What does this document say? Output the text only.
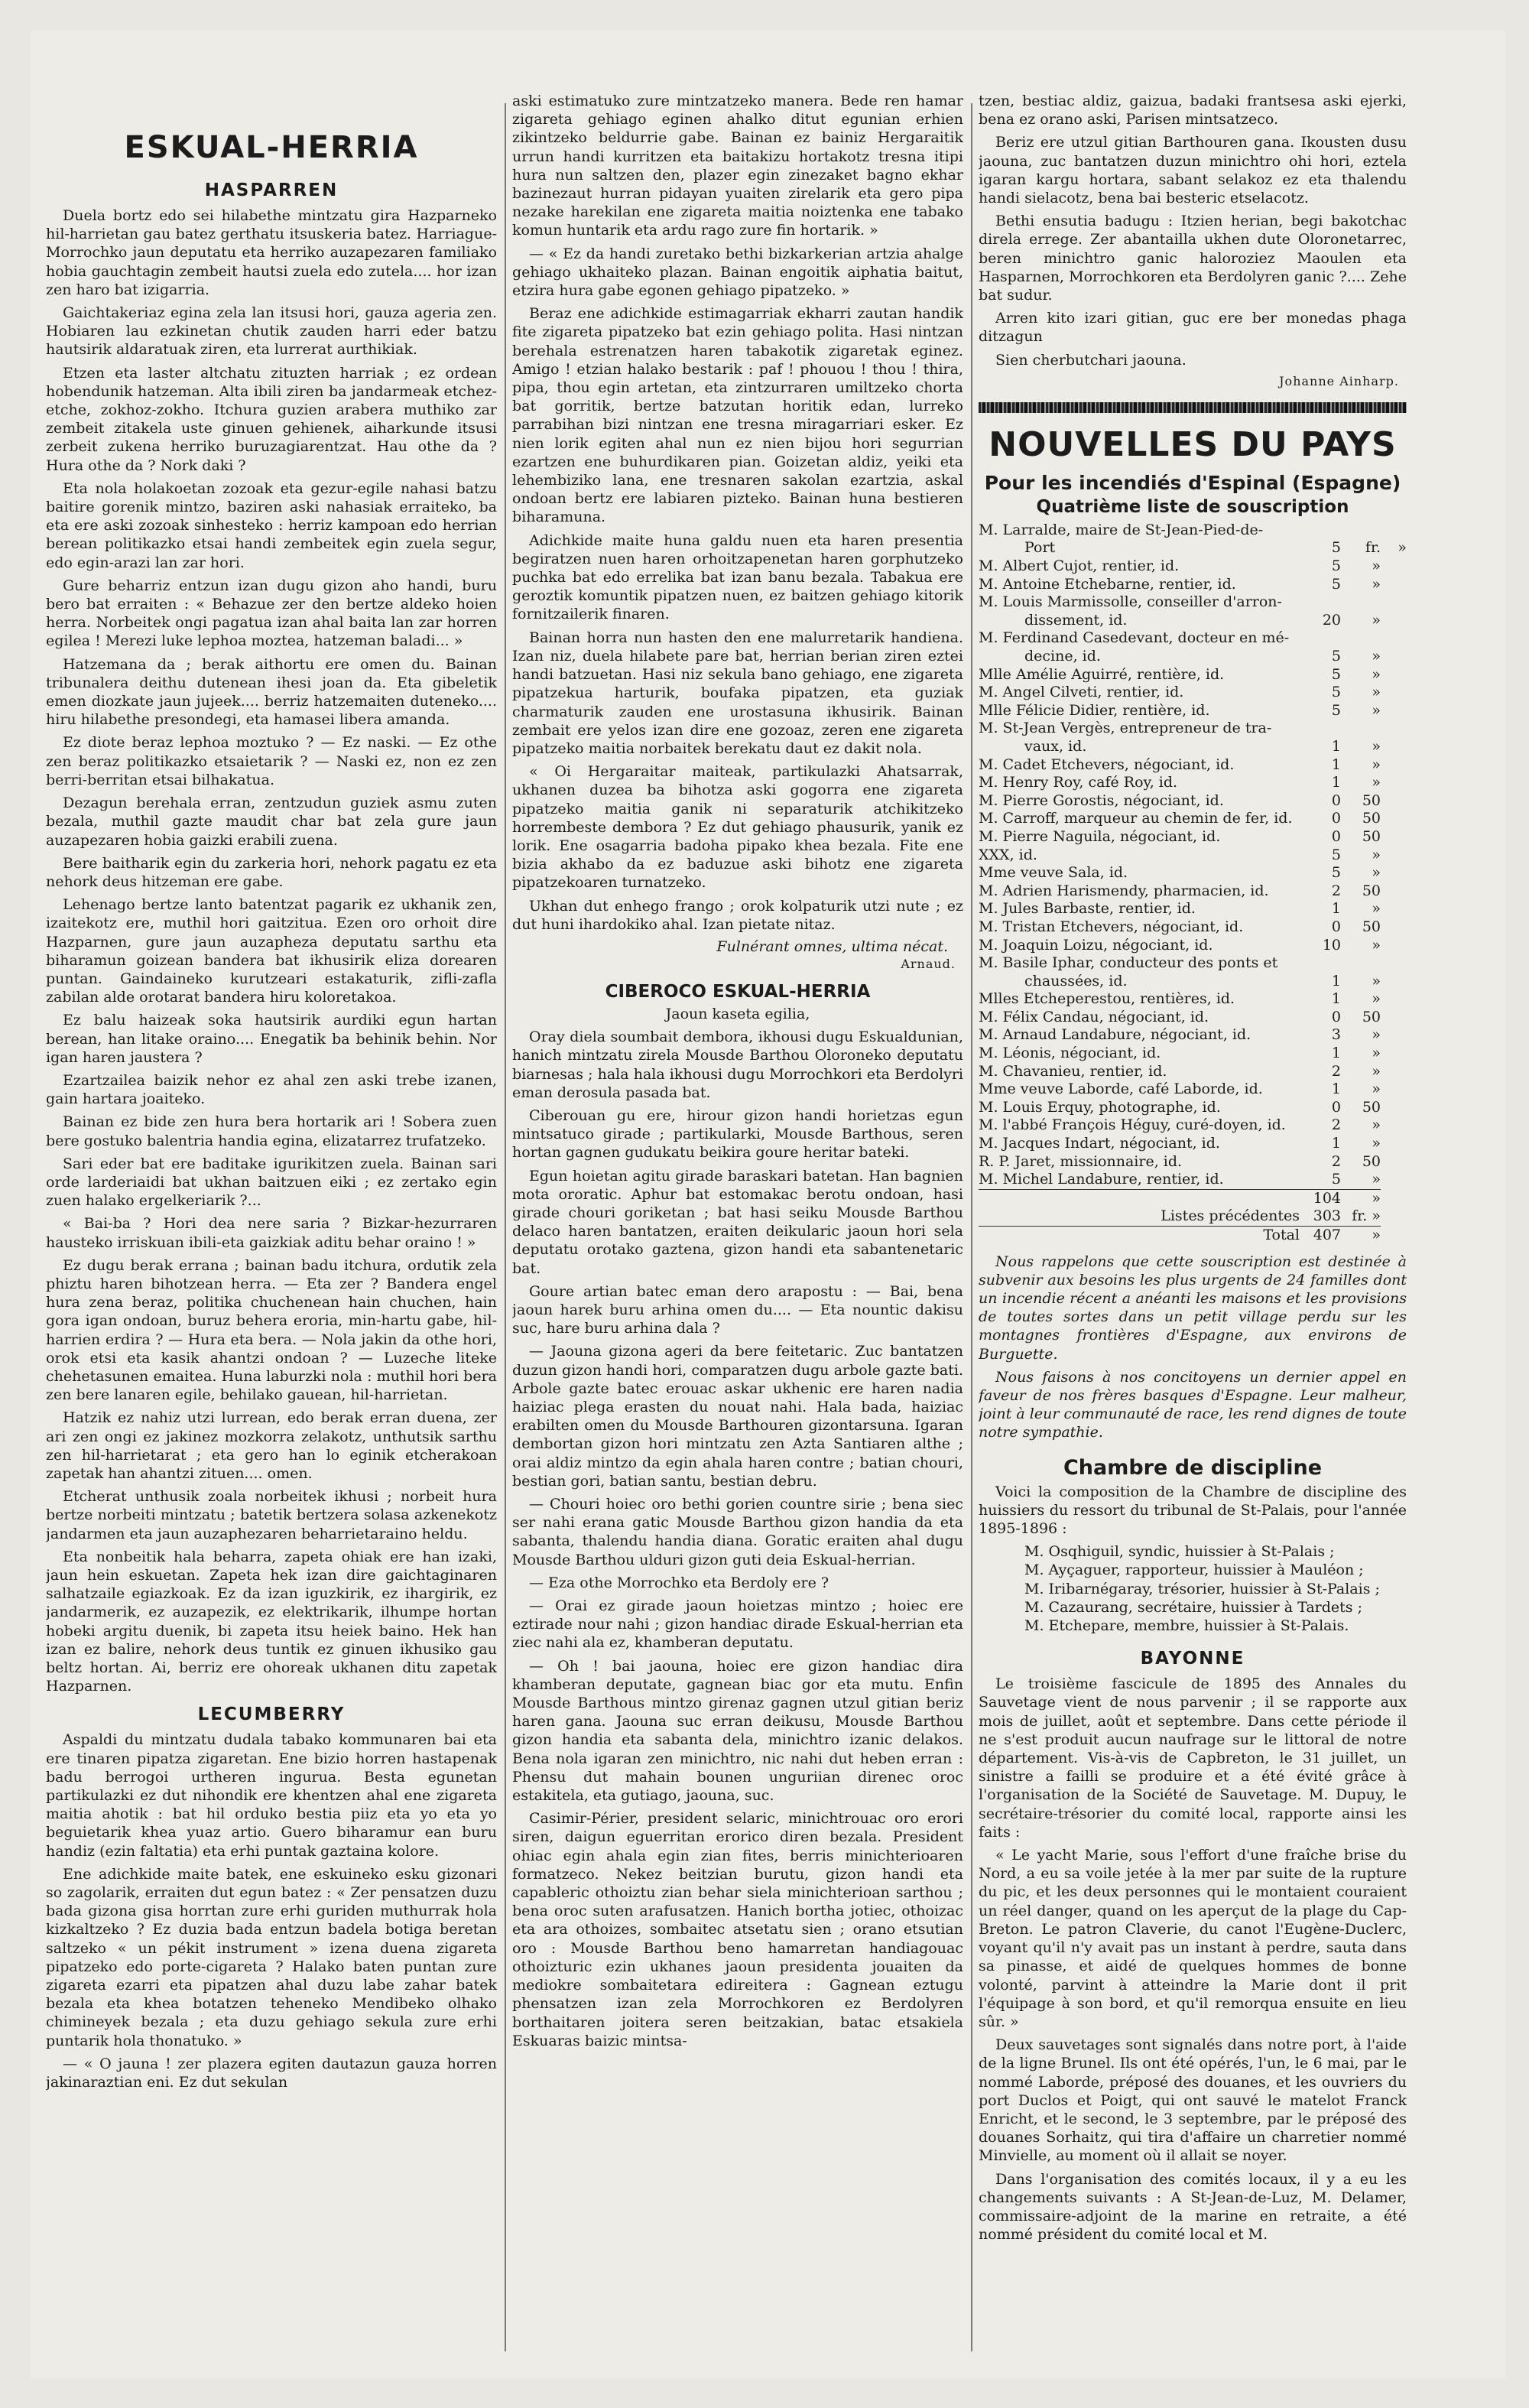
ESKUAL-HERRIA
HASPARREN

Duela bortz edo sei hilabethe mintzatu gira Hazparneko hil-harrietan gau batez gerthatu itsuskeria batez. Harriague-Morrochko jaun deputatu eta herriko auzapezaren familiako hobia gauchtagin zembeit hautsi zuela edo zutela.... hor izan zen haro bat izigarria.

Gaichtakeriaz egina zela lan itsusi hori, gauza ageria zen. Hobiaren lau ezkinetan chutik zauden harri eder batzu hautsirik aldaratuak ziren, eta lurrerat aurthikiak.

Etzen eta laster altchatu zituzten harriak ; ez ordean hobendunik hatzeman. Alta ibili ziren ba jandarmeak etchez-etche, zokhoz-zokho. Itchura guzien arabera muthiko zar zembeit zitakela uste ginuen gehienek, aiharkunde itsusi zerbeit zukena herriko buruzagiarentzat. Hau othe da ? Hura othe da ? Nork daki ?

Eta nola holakoetan zozoak eta gezur-egile nahasi batzu baitire gorenik mintzo, baziren aski nahasiak erraiteko, ba eta ere aski zozoak sinhesteko : herriz kampoan edo herrian berean politikazko etsai handi zembeitek egin zuela segur, edo egin-arazi lan zar hori.

Gure beharriz entzun izan dugu gizon aho handi, buru bero bat erraiten : « Behazue zer den bertze aldeko hoien herra. Norbeitek ongi pagatua izan ahal baita lan zar horren egilea ! Merezi luke lephoa moztea, hatzeman baladi... »

Hatzemana da ; berak aithortu ere omen du. Bainan tribunalera deithu dutenean ihesi joan da. Eta gibeletik emen diozkate jaun jujeek.... berriz hatzemaiten duteneko.... hiru hilabethe presondegi, eta hamasei libera amanda.

Ez diote beraz lephoa moztuko ? — Ez naski. — Ez othe zen beraz politikazko etsaietarik ? — Naski ez, non ez zen berri-berritan etsai bilhakatua.

Dezagun berehala erran, zentzudun guziek asmu zuten bezala, muthil gazte maudit char bat zela gure jaun auzapezaren hobia gaizki erabili zuena.

Bere baitharik egin du zarkeria hori, nehork pagatu ez eta nehork deus hitzeman ere gabe.

Lehenago bertze lanto batentzat pagarik ez ukhanik zen, izaitekotz ere, muthil hori gaitzitua. Ezen oro orhoit dire Hazparnen, gure jaun auzapheza deputatu sarthu eta biharamun goizean bandera bat ikhusirik eliza dorearen puntan. Gaindaineko kurutzeari estakaturik, zifli-zafla zabilan alde orotarat bandera hiru koloretakoa.

Ez balu haizeak soka hautsirik aurdiki egun hartan berean, han litake oraino.... Enegatik ba behinik behin. Nor igan haren jaustera ?

Ezartzailea baizik nehor ez ahal zen aski trebe izanen, gain hartara joaiteko.

Bainan ez bide zen hura bera hortarik ari ! Sobera zuen bere gostuko balentria handia egina, elizatarrez trufatzeko.

Sari eder bat ere baditake igurikitzen zuela. Bainan sari orde larderiaidi bat ukhan baitzuen eiki ; ez zertako egin zuen halako ergelkeriarik ?...

« Bai-ba ? Hori dea nere saria ? Bizkar-hezurraren hausteko irriskuan ibili-eta gaizkiak aditu behar oraino ! »

Ez dugu berak errana ; bainan badu itchura, ordutik zela phiztu haren bihotzean herra. — Eta zer ? Bandera engel hura zena beraz, politika chuchenean hain chuchen, hain gora igan ondoan, buruz behera eroria, min-hartu gabe, hil-harrien erdira ? — Hura eta bera. — Nola jakin da othe hori, orok etsi eta kasik ahantzi ondoan ? — Luzeche liteke chehetasunen emaitea. Huna laburzki nola : muthil hori bera zen bere lanaren egile, behilako gauean, hil-harrietan.

Hatzik ez nahiz utzi lurrean, edo berak erran duena, zer ari zen ongi ez jakinez mozkorra zelakotz, unthutsik sarthu zen hil-harrietarat ; eta gero han lo eginik etcherakoan zapetak han ahantzi zituen.... omen.

Etcherat unthusik zoala norbeitek ikhusi ; norbeit hura bertze norbeiti mintzatu ; batetik bertzera solasa azkenekotz jandarmen eta jaun auzaphezaren beharrietaraino heldu.

Eta nonbeitik hala beharra, zapeta ohiak ere han izaki, jaun hein eskuetan. Zapeta hek izan dire gaichtaginaren salhatzaile egiazkoak. Ez da izan iguzkirik, ez ihargirik, ez jandarmerik, ez auzapezik, ez elektrikarik, ilhumpe hortan hobeki argitu duenik, bi zapeta itsu heiek baino. Hek han izan ez balire, nehork deus tuntik ez ginuen ikhusiko gau beltz hortan. Ai, berriz ere ohoreak ukhanen ditu zapetak Hazparnen.

LECUMBERRY

Aspaldi du mintzatu dudala tabako kommunaren bai eta ere tinaren pipatza zigaretan. Ene bizio horren hastapenak badu berrogoi urtheren ingurua. Besta egunetan partikulazki ez dut nihondik ere khentzen ahal ene zigareta maitia ahotik : bat hil orduko bestia piiz eta yo eta yo beguietarik khea yuaz artio. Guero biharamur ean buru handiz (ezin faltatia) eta erhi puntak gaztaina kolore.

Ene adichkide maite batek, ene eskuineko esku gizonari so zagolarik, erraiten dut egun batez : « Zer pensatzen duzu bada gizona gisa horrtan zure erhi guriden muthurrak hola kizkaltzeko ? Ez duzia bada entzun badela botiga beretan saltzeko « un pékit instrument » izena duena zigareta pipatzeko edo porte-cigareta ? Halako baten puntan zure zigareta ezarri eta pipatzen ahal duzu labe zahar batek bezala eta khea botatzen teheneko Mendibeko olhako chimineyek bezala ; eta duzu gehiago sekula zure erhi puntarik hola thonatuko. »

— « O jauna ! zer plazera egiten dautazun gauza horren jakinaraztian eni. Ez dut sekulan

aski estimatuko zure mintzatzeko manera. Bede ren hamar zigareta gehiago eginen ahalko ditut egunian erhien zikintzeko beldurrie gabe. Bainan ez bainiz Hergaraitik urrun handi kurritzen eta baitakizu hortakotz tresna itipi hura nun saltzen den, plazer egin zinezaket bagno ekhar bazinezaut hurran pidayan yuaiten zirelarik eta gero pipa nezake harekilan ene zigareta maitia noiztenka ene tabako komun huntarik eta ardu rago zure fin hortarik. »

— « Ez da handi zuretako bethi bizkarkerian artzia ahalge gehiago ukhaiteko plazan. Bainan engoitik aiphatia baitut, etzira hura gabe egonen gehiago pipatzeko. »

Beraz ene adichkide estimagarriak ekharri zautan handik fite zigareta pipatzeko bat ezin gehiago polita. Hasi nintzan berehala estrenatzen haren tabakotik zigaretak eginez. Amigo ! etzian halako bestarik : paf ! phouou ! thou ! thira, pipa, thou egin artetan, eta zintzurraren umiltzeko chorta bat gorritik, bertze batzutan horitik edan, lurreko parrabihan bizi nintzan ene tresna miragarriari esker. Ez nien lorik egiten ahal nun ez nien bijou hori segurrian ezartzen ene buhurdikaren pian. Goizetan aldiz, yeiki eta lehembiziko lana, ene tresnaren sakolan ezartzia, askal ondoan bertz ere labiaren pizteko. Bainan huna bestieren biharamuna.

Adichkide maite huna galdu nuen eta haren presentia begiratzen nuen haren orhoitzapenetan haren gorphutzeko puchka bat edo errelika bat izan banu bezala. Tabakua ere geroztik komuntik pipatzen nuen, ez baitzen gehiago kitorik fornitzailerik finaren.

Bainan horra nun hasten den ene malurretarik handiena. Izan niz, duela hilabete pare bat, herrian berian ziren eztei handi batzuetan. Hasi niz sekula bano gehiago, ene zigareta pipatzekua harturik, boufaka pipatzen, eta guziak charmaturik zauden ene urostasuna ikhusirik. Bainan zembait ere yelos izan dire ene gozoaz, zeren ene zigareta pipatzeko maitia norbaitek berekatu daut ez dakit nola.

« Oi Hergaraitar maiteak, partikulazki Ahatsarrak, ukhanen duzea ba bihotza aski gogorra ene zigareta pipatzeko maitia ganik ni separaturik atchikitzeko horrembeste dembora ? Ez dut gehiago phausurik, yanik ez lorik. Ene osagarria badoha pipako khea bezala. Fite ene bizia akhabo da ez baduzue aski bihotz ene zigareta pipatzekoaren turnatzeko.

Ukhan dut enhego frango ; orok kolpaturik utzi nute ; ez dut huni ihardokiko ahal. Izan pietate nitaz.

Fulnérant omnes, ultima nécat.
Arnaud.
CIBEROCO ESKUAL-HERRIA

Jaoun kaseta egilia,

Oray diela soumbait dembora, ikhousi dugu Eskualdunian, hanich mintzatu zirela Mousde Barthou Oloroneko deputatu biarnesas ; hala hala ikhousi dugu Morrochkori eta Berdolyri eman derosula pasada bat.

Ciberouan gu ere, hirour gizon handi horietzas egun mintsatuco girade ; partikularki, Mousde Barthous, seren hortan gagnen gudukatu beikira goure heritar bateki.

Egun hoietan agitu girade baraskari batetan. Han bagnien mota ororatic. Aphur bat estomakac berotu ondoan, hasi girade chouri goriketan ; bat hasi seiku Mousde Barthou delaco haren bantatzen, eraiten deikularic jaoun hori sela deputatu orotako gaztena, gizon handi eta sabantenetaric bat.

Goure artian batec eman dero arapostu : — Bai, bena jaoun harek buru arhina omen du.... — Eta nountic dakisu suc, hare buru arhina dala ?

— Jaouna gizona ageri da bere feitetaric. Zuc bantatzen duzun gizon handi hori, comparatzen dugu arbole gazte bati. Arbole gazte batec erouac askar ukhenic ere haren nadia haiziac plega erasten du nouat nahi. Hala bada, haiziac erabilten omen du Mousde Barthouren gizontarsuna. Igaran dembortan gizon hori mintzatu zen Azta Santiaren althe ; orai aldiz mintzo da egin ahala haren contre ; batian chouri, bestian gori, batian santu, bestian debru.

— Chouri hoiec oro bethi gorien countre sirie ; bena siec ser nahi erana gatic Mousde Barthou gizon handia da eta sabanta, thalendu handia diana. Goratic eraiten ahal dugu Mousde Barthou ulduri gizon guti deia Eskual-herrian.

— Eza othe Morrochko eta Berdoly ere ?

— Orai ez girade jaoun hoietzas mintzo ; hoiec ere eztirade nour nahi ; gizon handiac dirade Eskual-herrian eta ziec nahi ala ez, khamberan deputatu.

— Oh ! bai jaouna, hoiec ere gizon handiac dira khamberan deputate, gagnean biac gor eta mutu. Enfin Mousde Barthous mintzo girenaz gagnen utzul gitian beriz haren gana. Jaouna suc erran deikusu, Mousde Barthou gizon handia eta sabanta dela, minichtro izanic delakos. Bena nola igaran zen minichtro, nic nahi dut heben erran : Phensu dut mahain bounen unguriian direnec oroc estakitela, eta gutiago, jaouna, suc.

Casimir-Périer, president selaric, minichtrouac oro erori siren, daigun eguerritan erorico diren bezala. President ohiac egin ahala egin zian fites, berris minichterioaren formatzeco. Nekez beitzian burutu, gizon handi eta capableric othoiztu zian behar siela minichterioan sarthou ; bena oroc suten arafusatzen. Hanich bortha jotiec, othoizac eta ara othoizes, sombaitec atsetatu sien ; orano etsutian oro : Mousde Barthou beno hamarretan handiagouac othoizturic ezin ukhanes jaoun presidenta jouaiten da mediokre sombaitetara edireitera : Gagnean eztugu phensatzen izan zela Morrochkoren ez Berdolyren borthaitaren joitera seren beitzakian, batac etsakiela Eskuaras baizic mintsa-

tzen, bestiac aldiz, gaizua, badaki frantsesa aski ejerki, bena ez orano aski, Parisen mintsatzeco.

Beriz ere utzul gitian Barthouren gana. Ikousten dusu jaouna, zuc bantatzen duzun minichtro ohi hori, eztela igaran kargu hortara, sabant selakoz ez eta thalendu handi sielacotz, bena bai besteric etselacotz.

Bethi ensutia badugu : Itzien herian, begi bakotchac direla errege. Zer abantailla ukhen dute Oloronetarrec, beren minichtro ganic haloroziez Maoulen eta Hasparnen, Morrochkoren eta Berdolyren ganic ?.... Zehe bat sudur.

Arren kito izari gitian, guc ere ber monedas phaga ditzagun

Sien cherbutchari jaouna.

Johanne Ainharp.
NOUVELLES DU PAYS
Pour les incendiés d'Espinal (Espagne)
Quatrième liste de souscription
M. Larralde, maire de St-Jean-Pied-de-			
Port	5	fr.	»
M. Albert Cujot, rentier, id.	5	»	
M. Antoine Etchebarne, rentier, id.	5	»	
M. Louis Marmissolle, conseiller d'arron-			
dissement, id.	20	»	
M. Ferdinand Casedevant, docteur en mé-			
decine, id.	5	»	
Mlle Amélie Aguirré, rentière, id.	5	»	
M. Angel Cilveti, rentier, id.	5	»	
Mlle Félicie Didier, rentière, id.	5	»	
M. St-Jean Vergès, entrepreneur de tra-			
vaux, id.	1	»	
M. Cadet Etchevers, négociant, id.	1	»	
M. Henry Roy, café Roy, id.	1	»	
M. Pierre Gorostis, négociant, id.	0	50	
M. Carroff, marqueur au chemin de fer, id.	0	50	
M. Pierre Naguila, négociant, id.	0	50	
XXX, id.	5	»	
Mme veuve Sala, id.	5	»	
M. Adrien Harismendy, pharmacien, id.	2	50	
M. Jules Barbaste, rentier, id.	1	»	
M. Tristan Etchevers, négociant, id.	0	50	
M. Joaquin Loizu, négociant, id.	10	»	
M. Basile Iphar, conducteur des ponts et			
chaussées, id.	1	»	
Mlles Etcheperestou, rentières, id.	1	»	
M. Félix Candau, négociant, id.	0	50	
M. Arnaud Landabure, négociant, id.	3	»	
M. Léonis, négociant, id.	1	»	
M. Chavanieu, rentier, id.	2	»	
Mme veuve Laborde, café Laborde, id.	1	»	
M. Louis Erquy, photographe, id.	0	50	
M. l'abbé François Héguy, curé-doyen, id.	2	»	
M. Jacques Indart, négociant, id.	1	»	
R. P. Jaret, missionnaire, id.	2	50	
M. Michel Landabure, rentier, id.	5	»	
	104	»	
Listes précédentes	303	fr. »	
Total	407	»	

Nous rappelons que cette souscription est destinée à subvenir aux besoins les plus urgents de 24 familles dont un incendie récent a anéanti les maisons et les provisions de toutes sortes dans un petit village perdu sur les montagnes frontières d'Espagne, aux environs de Burguette.

Nous faisons à nos concitoyens un dernier appel en faveur de nos frères basques d'Espagne. Leur malheur, joint à leur communauté de race, les rend dignes de toute notre sympathie.

Chambre de discipline

Voici la composition de la Chambre de discipline des huissiers du ressort du tribunal de St-Palais, pour l'année 1895-1896 :

M. Osqhiguil, syndic, huissier à St-Palais ;

M. Ayçaguer, rapporteur, huissier à Mauléon ;

M. Iribarnégaray, trésorier, huissier à St-Palais ;

M. Cazaurang, secrétaire, huissier à Tardets ;

M. Etchepare, membre, huissier à St-Palais.

BAYONNE

Le troisième fascicule de 1895 des Annales du Sauvetage vient de nous parvenir ; il se rapporte aux mois de juillet, août et septembre. Dans cette période il ne s'est produit aucun naufrage sur le littoral de notre département. Vis-à-vis de Capbreton, le 31 juillet, un sinistre a failli se produire et a été évité grâce à l'organisation de la Société de Sauvetage. M. Dupuy, le secrétaire-trésorier du comité local, rapporte ainsi les faits :

« Le yacht Marie, sous l'effort d'une fraîche brise du Nord, a eu sa voile jetée à la mer par suite de la rupture du pic, et les deux personnes qui le montaient couraient un réel danger, quand on les aperçut de la plage du Cap-Breton. Le patron Claverie, du canot l'Eugène-Duclerc, voyant qu'il n'y avait pas un instant à perdre, sauta dans sa pinasse, et aidé de quelques hommes de bonne volonté, parvint à atteindre la Marie dont il prit l'équipage à son bord, et qu'il remorqua ensuite en lieu sûr. »

Deux sauvetages sont signalés dans notre port, à l'aide de la ligne Brunel. Ils ont été opérés, l'un, le 6 mai, par le nommé Laborde, préposé des douanes, et les ouvriers du port Duclos et Poigt, qui ont sauvé le matelot Franck Enricht, et le second, le 3 septembre, par le préposé des douanes Sorhaitz, qui tira d'affaire un charretier nommé Minvielle, au moment où il allait se noyer.

Dans l'organisation des comités locaux, il y a eu les changements suivants : A St-Jean-de-Luz, M. Delamer, commissaire-adjoint de la marine en retraite, a été nommé président du comité local et M.
